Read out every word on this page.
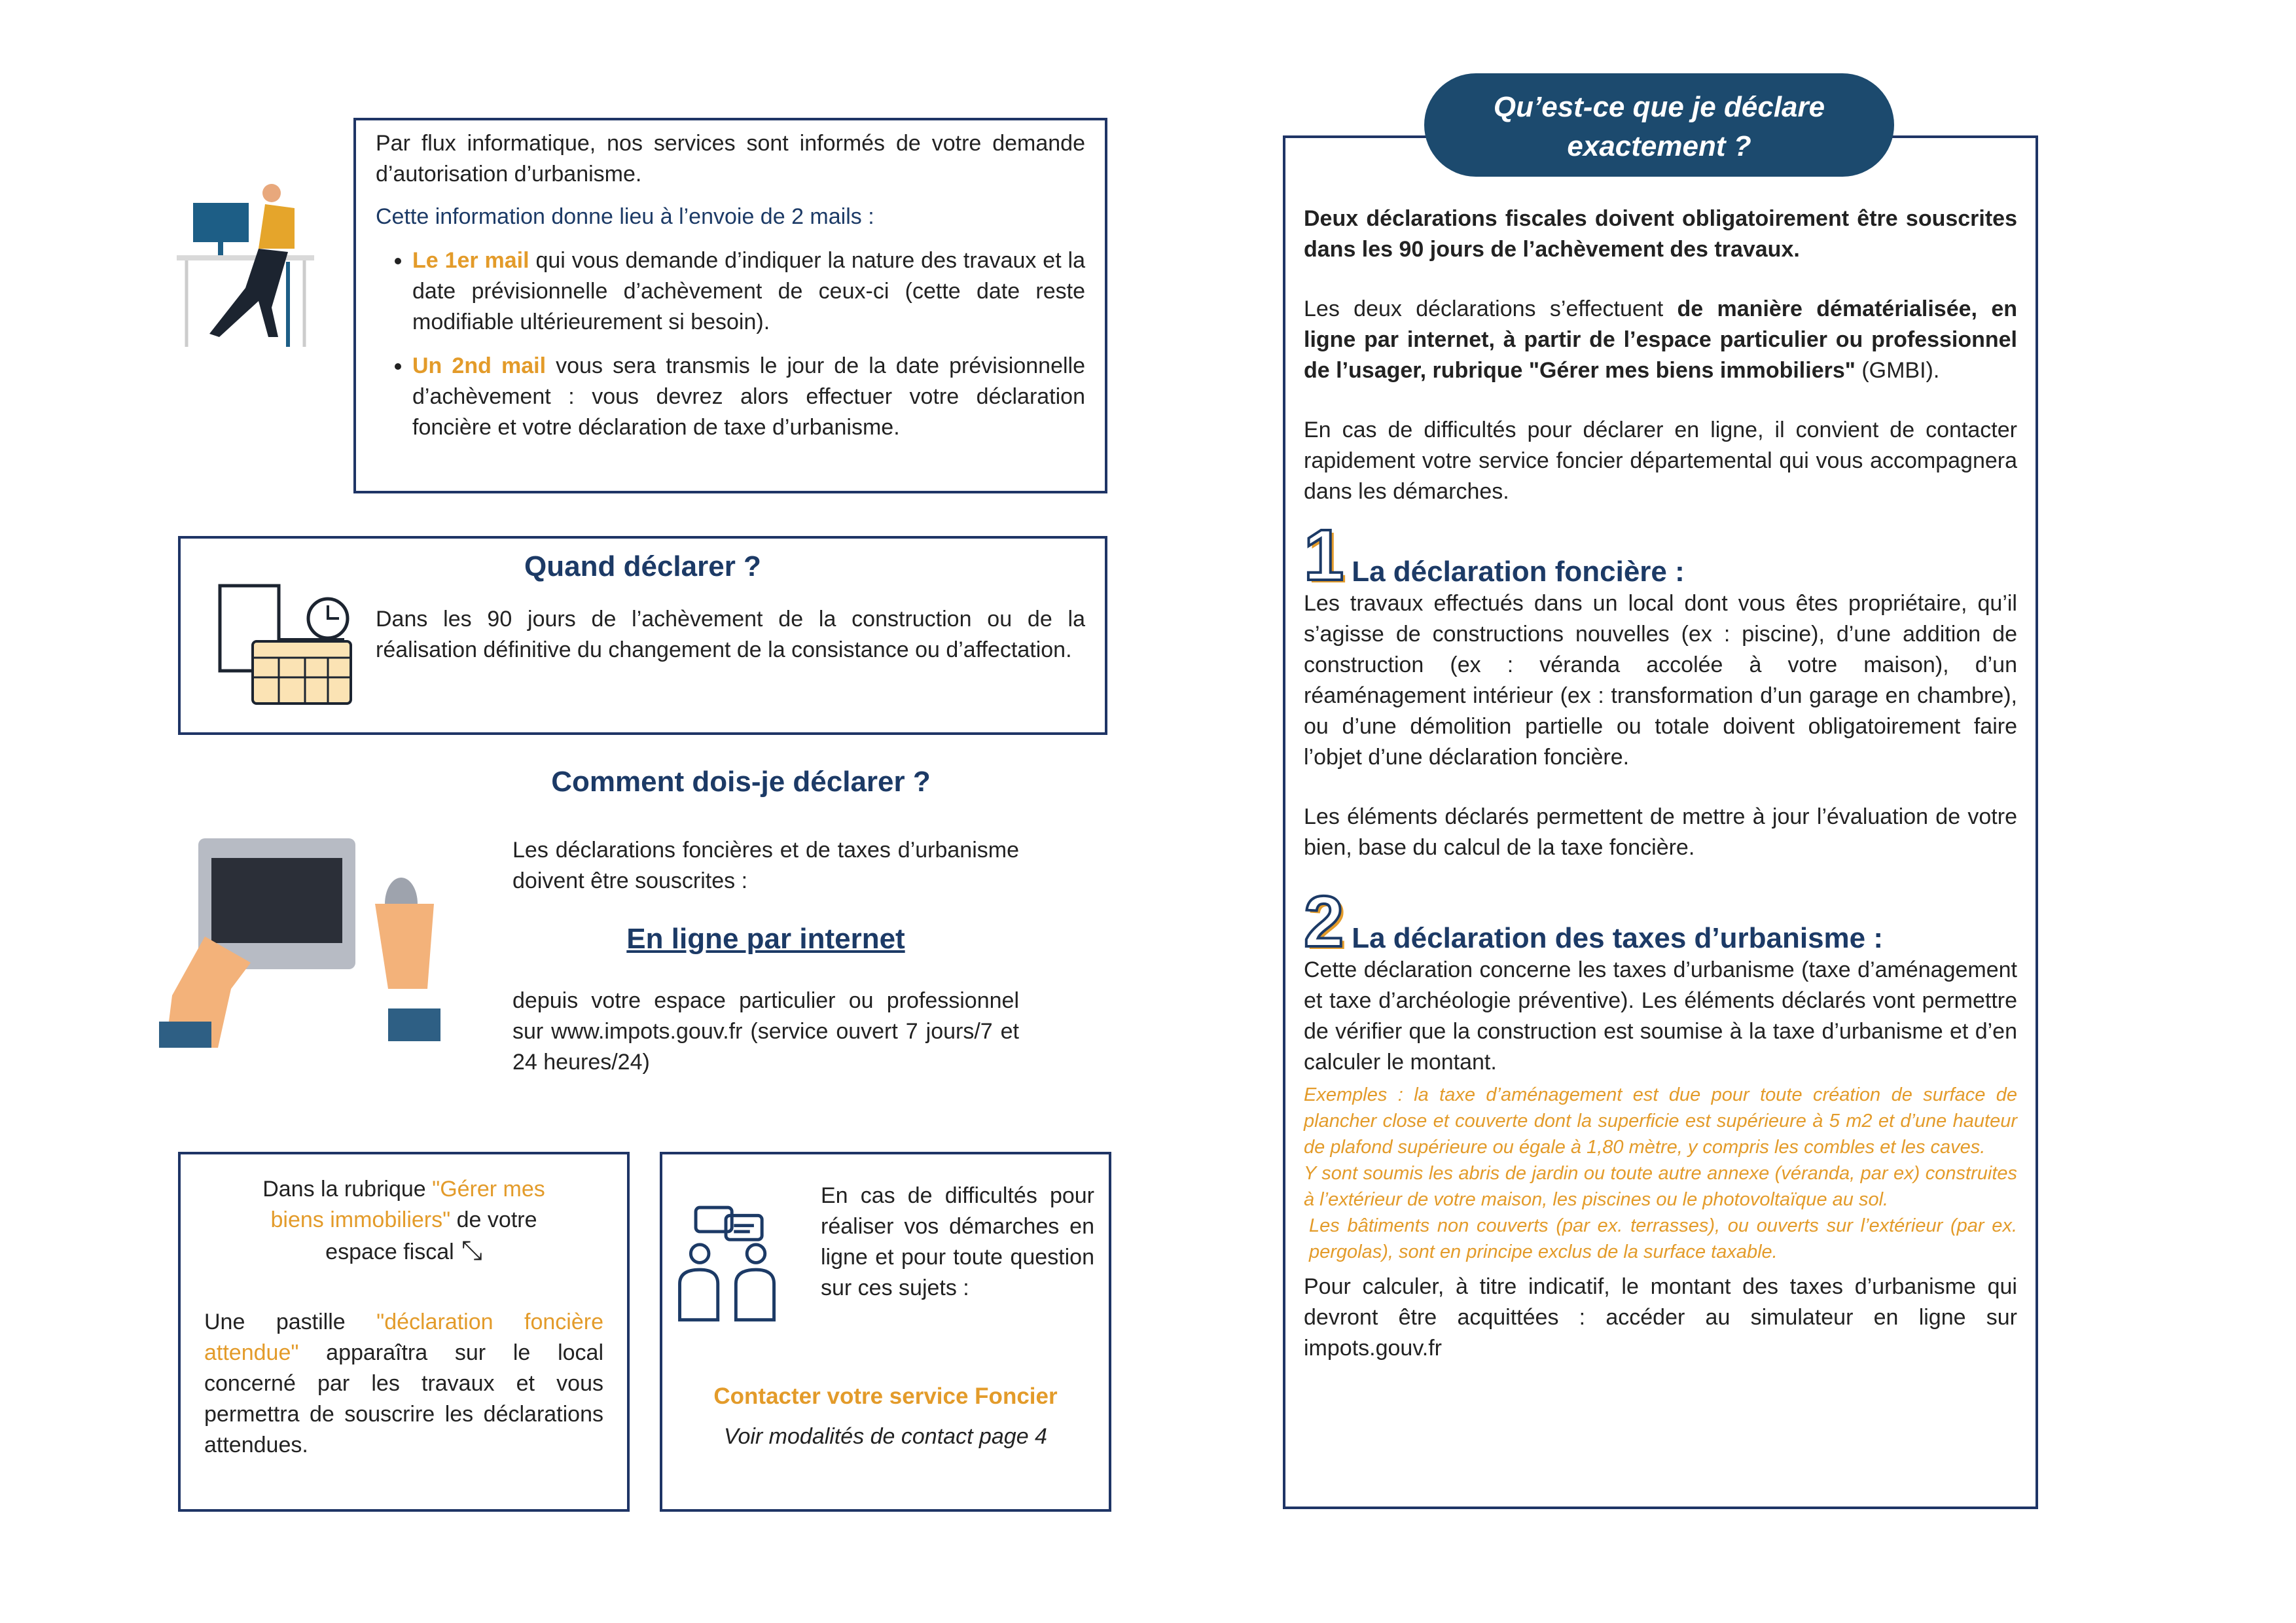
Par flux informatique, nos services sont informés de votre demande d’autorisation d’urbanisme.

Cette information donne lieu à l’envoie de 2 mails :

• Le 1er mail qui vous demande d’indiquer la nature des travaux et la date prévisionnelle d’achèvement de ceux-ci (cette date reste modifiable ultérieurement si besoin).
• Un 2nd mail vous sera transmis le jour de la date prévisionnelle d’achèvement : vous devrez alors effectuer votre déclaration foncière et votre déclaration de taxe d’urbanisme.
Quand déclarer ?

Dans les 90 jours de l’achèvement de la construction ou de la réalisation définitive du changement de la consistance ou d’affectation.

Comment dois-je déclarer ?

Les déclarations foncières et de taxes d’urbanisme doivent être souscrites :

En ligne par internet

depuis votre espace particulier ou professionnel sur www.impots.gouv.fr (service ouvert 7 jours/7 et 24 heures/24)

Dans la rubrique "Gérer mes biens immobiliers" de votre espace fiscal ⤡

Une pastille "déclaration foncière attendue" apparaîtra sur le local concerné par les travaux et vous permettra de souscrire les déclarations attendues.

En cas de difficultés pour réaliser vos démarches en ligne et pour toute question sur ces sujets :

Contacter votre service Foncier
Voir modalités de contact page 4

Deux déclarations fiscales doivent obligatoirement être souscrites dans les 90 jours de l’achèvement des travaux.

Les deux déclarations s’effectuent de manière dématérialisée, en ligne par internet, à partir de l’espace particulier ou professionnel de l’usager, rubrique "Gérer mes biens immobiliers" (GMBI).

En cas de difficultés pour déclarer en ligne, il convient de contacter rapidement votre service foncier départemental qui vous accompagnera dans les démarches.

1 La déclaration foncière :

Les travaux effectués dans un local dont vous êtes propriétaire, qu’il s’agisse de constructions nouvelles (ex : piscine), d’une addition de construction (ex : véranda accolée à votre maison), d’un réaménagement intérieur (ex : transformation d’un garage en chambre), ou d’une démolition partielle ou totale doivent obligatoirement faire l’objet d’une déclaration foncière.

Les éléments déclarés permettent de mettre à jour l’évaluation de votre bien, base du calcul de la taxe foncière.

2 La déclaration des taxes d’urbanisme :

Cette déclaration concerne les taxes d’urbanisme (taxe d’aménagement et taxe d’archéologie préventive). Les éléments déclarés vont permettre de vérifier que la construction est soumise à la taxe d’urbanisme et d’en calculer le montant.

Exemples : la taxe d’aménagement est due pour toute création de surface de plancher close et couverte dont la superficie est supérieure à 5 m2 et d’une hauteur de plafond supérieure ou égale à 1,80 mètre, y compris les combles et les caves.

Y sont soumis les abris de jardin ou toute autre annexe (véranda, par ex) construites à l’extérieur de votre maison, les piscines ou le photovoltaïque au sol.

Les bâtiments non couverts (par ex. terrasses), ou ouverts sur l’extérieur (par ex. pergolas), sont en principe exclus de la surface taxable.

Pour calculer, à titre indicatif, le montant des taxes d’urbanisme qui devront être acquittées : accéder au simulateur en ligne sur impots.gouv.fr

Qu’est-ce que je déclare
exactement ?
